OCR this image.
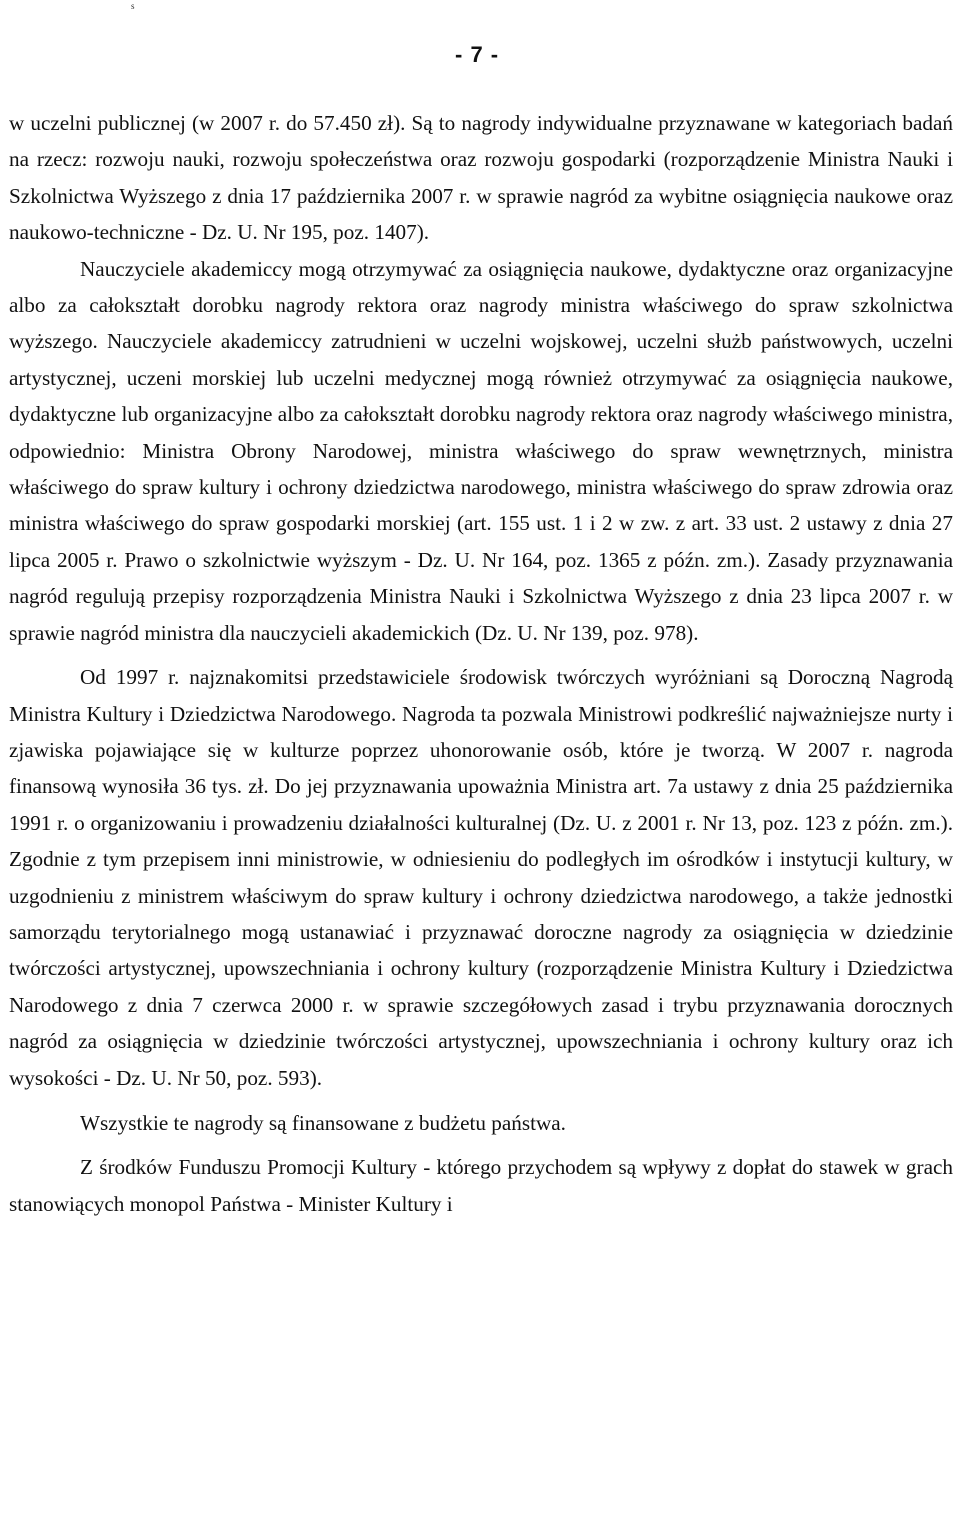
s
- 7 -

w uczelni publicznej (w 2007 r. do 57.450 zł). Są to nagrody indywidualne przyznawane w kategoriach badań na rzecz: rozwoju nauki, rozwoju społeczeństwa oraz rozwoju gospodarki (rozporządzenie Ministra Nauki i Szkolnictwa Wyższego z dnia 17 października 2007 r. w sprawie nagród za wybitne osiągnięcia naukowe oraz naukowo-techniczne - Dz. U. Nr 195, poz. 1407).

Nauczyciele akademiccy mogą otrzymywać za osiągnięcia naukowe, dydaktyczne oraz organizacyjne albo za całokształt dorobku nagrody rektora oraz nagrody ministra właściwego do spraw szkolnictwa wyższego. Nauczyciele akademiccy zatrudnieni w uczelni wojskowej, uczelni służb państwowych, uczelni artystycznej, uczeni morskiej lub uczelni medycznej mogą również otrzymywać za osiągnięcia naukowe, dydaktyczne lub organizacyjne albo za całokształt dorobku nagrody rektora oraz nagrody właściwego ministra, odpowiednio: Ministra Obrony Narodowej, ministra właściwego do spraw wewnętrznych, ministra właściwego do spraw kultury i ochrony dziedzictwa narodowego, ministra właściwego do spraw zdrowia oraz ministra właściwego do spraw gospodarki morskiej (art. 155 ust. 1 i 2 w zw. z art. 33 ust. 2 ustawy z dnia 27 lipca 2005 r. Prawo o szkolnictwie wyższym - Dz. U. Nr 164, poz. 1365 z późn. zm.). Zasady przyznawania nagród regulują przepisy rozporządzenia Ministra Nauki i Szkolnictwa Wyższego z dnia 23 lipca 2007 r. w sprawie nagród ministra dla nauczycieli akademickich (Dz. U. Nr 139, poz. 978).

Od 1997 r. najznakomitsi przedstawiciele środowisk twórczych wyróżniani są Doroczną Nagrodą Ministra Kultury i Dziedzictwa Narodowego. Nagroda ta pozwala Ministrowi podkreślić najważniejsze nurty i zjawiska pojawiające się w kulturze poprzez uhonorowanie osób, które je tworzą. W 2007 r. nagroda finansową wynosiła 36 tys. zł. Do jej przyznawania upoważnia Ministra art. 7a ustawy z dnia 25 października 1991 r. o organizowaniu i prowadzeniu działalności kulturalnej (Dz. U. z 2001 r. Nr 13, poz. 123 z późn. zm.). Zgodnie z tym przepisem inni ministrowie, w odniesieniu do podległych im ośrodków i instytucji kultury, w uzgodnieniu z ministrem właściwym do spraw kultury i ochrony dziedzictwa narodowego, a także jednostki samorządu terytorialnego mogą ustanawiać i przyznawać doroczne nagrody za osiągnięcia w dziedzinie twórczości artystycznej, upowszechniania i ochrony kultury (rozporządzenie Ministra Kultury i Dziedzictwa Narodowego z dnia 7 czerwca 2000 r. w sprawie szczegółowych zasad i trybu przyznawania dorocznych nagród za osiągnięcia w dziedzinie twórczości artystycznej, upowszechniania i ochrony kultury oraz ich wysokości - Dz. U. Nr 50, poz. 593).

Wszystkie te nagrody są finansowane z budżetu państwa.

Z środków Funduszu Promocji Kultury - którego przychodem są wpływy z dopłat do stawek w grach stanowiących monopol Państwa - Minister Kultury i
